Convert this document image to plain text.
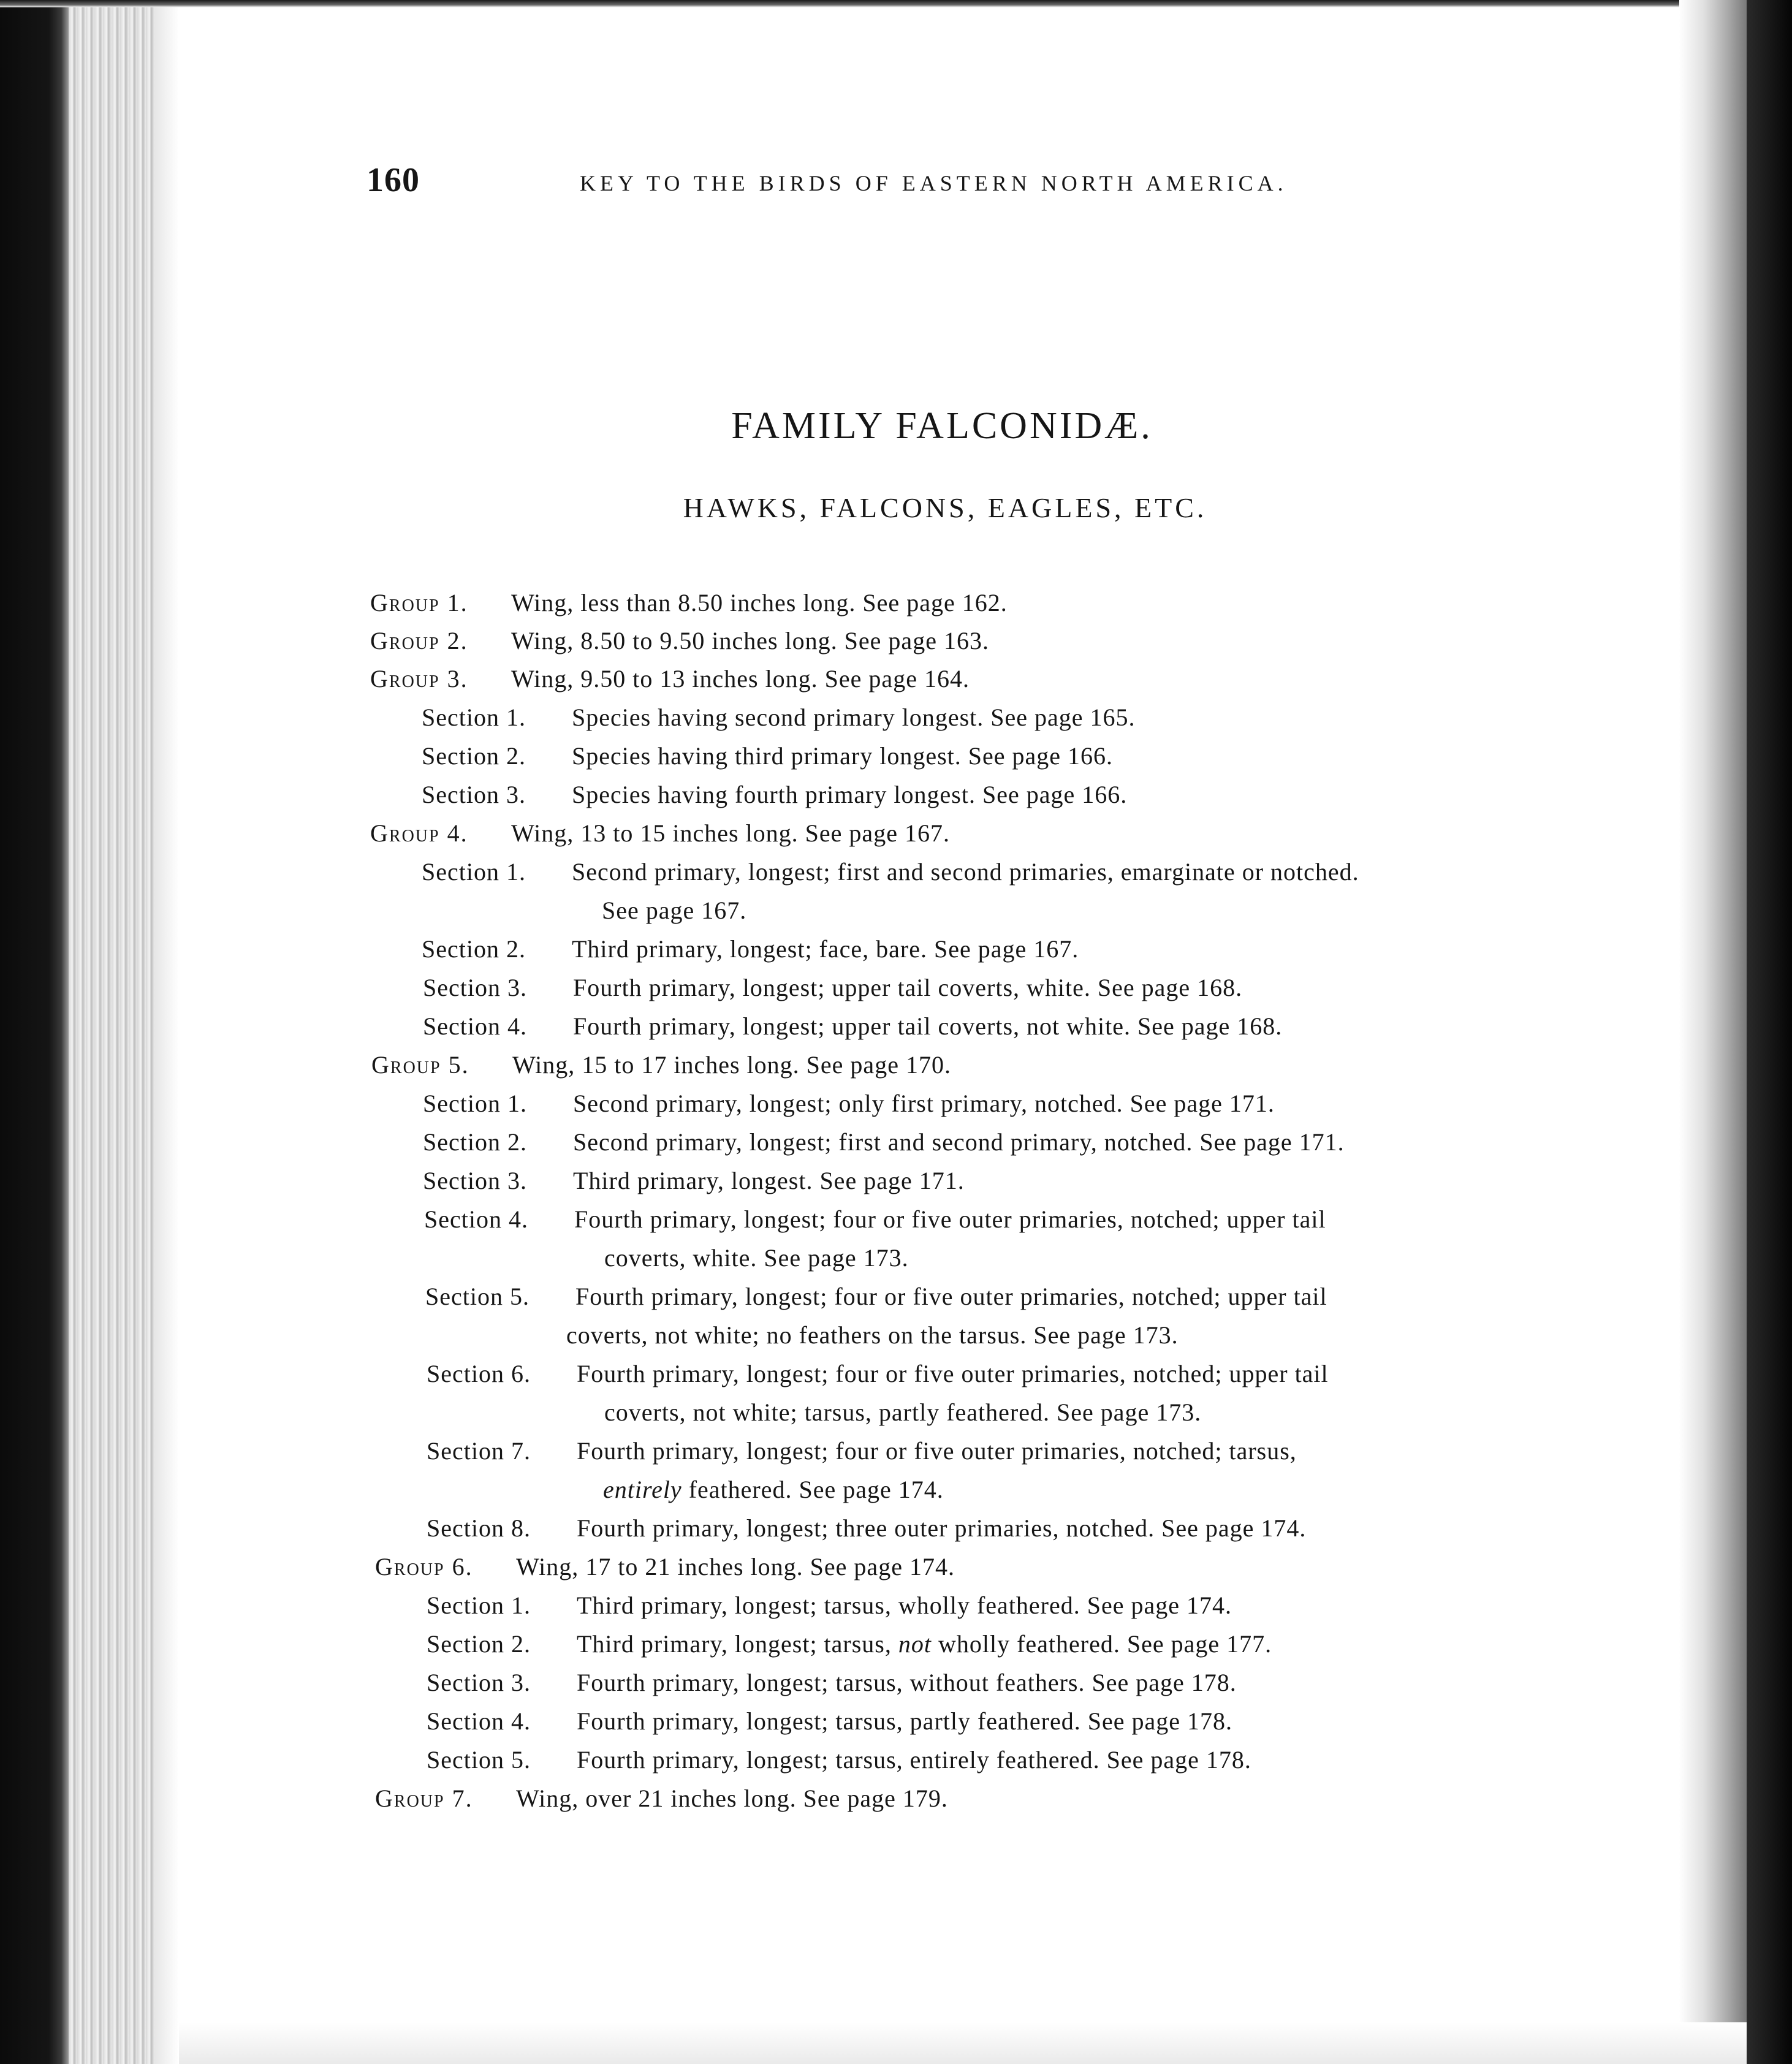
160	KEY TO THE BIRDS OF EASTERN NORTH AMERICA.
FAMILY FALCONIDÆ.
HAWKS, FALCONS, EAGLES, ETC.
Group 1. Wing, less than 8.50 inches long. See page 162.
Group 2. Wing, 8.50 to 9.50 inches long. See page 163.
Group 3. Wing, 9.50 to 13 inches long. See page 164.
Section 1. Species having second primary longest. See page 165.
Section 2. Species having third primary longest. See page 166.
Section 3. Species having fourth primary longest. See page 166.
Group 4. Wing, 13 to 15 inches long. See page 167.
Section 1. Second primary, longest; first and second primaries, emarginate or notched.
See page 167.
Section 2. Third primary, longest; face, bare. See page 167.
Section 3. Fourth primary, longest; upper tail coverts, white. See page 168.
Section 4. Fourth primary, longest; upper tail coverts, not white. See page 168.
Group 5. Wing, 15 to 17 inches long. See page 170.
Section 1. Second primary, longest; only first primary, notched. See page 171.
Section 2. Second primary, longest; first and second primary, notched. See page 171.
Section 3. Third primary, longest. See page 171.
Section 4. Fourth primary, longest; four or five outer primaries, notched; upper tail
coverts, white. See page 173.
Section 5. Fourth primary, longest; four or five outer primaries, notched; upper tail
coverts, not white; no feathers on the tarsus. See page 173.
Section 6. Fourth primary, longest; four or five outer primaries, notched; upper tail
coverts, not white; tarsus, partly feathered. See page 173.
Section 7. Fourth primary, longest; four or five outer primaries, notched; tarsus,
entirely feathered. See page 174.
Section 8. Fourth primary, longest; three outer primaries, notched. See page 174.
Group 6. Wing, 17 to 21 inches long. See page 174.
Section 1. Third primary, longest; tarsus, wholly feathered. See page 174.
Section 2. Third primary, longest; tarsus, not wholly feathered. See page 177.
Section 3. Fourth primary, longest; tarsus, without feathers. See page 178.
Section 4. Fourth primary, longest; tarsus, partly feathered. See page 178.
Section 5. Fourth primary, longest; tarsus, entirely feathered. See page 178.
Group 7. Wing, over 21 inches long. See page 179.
